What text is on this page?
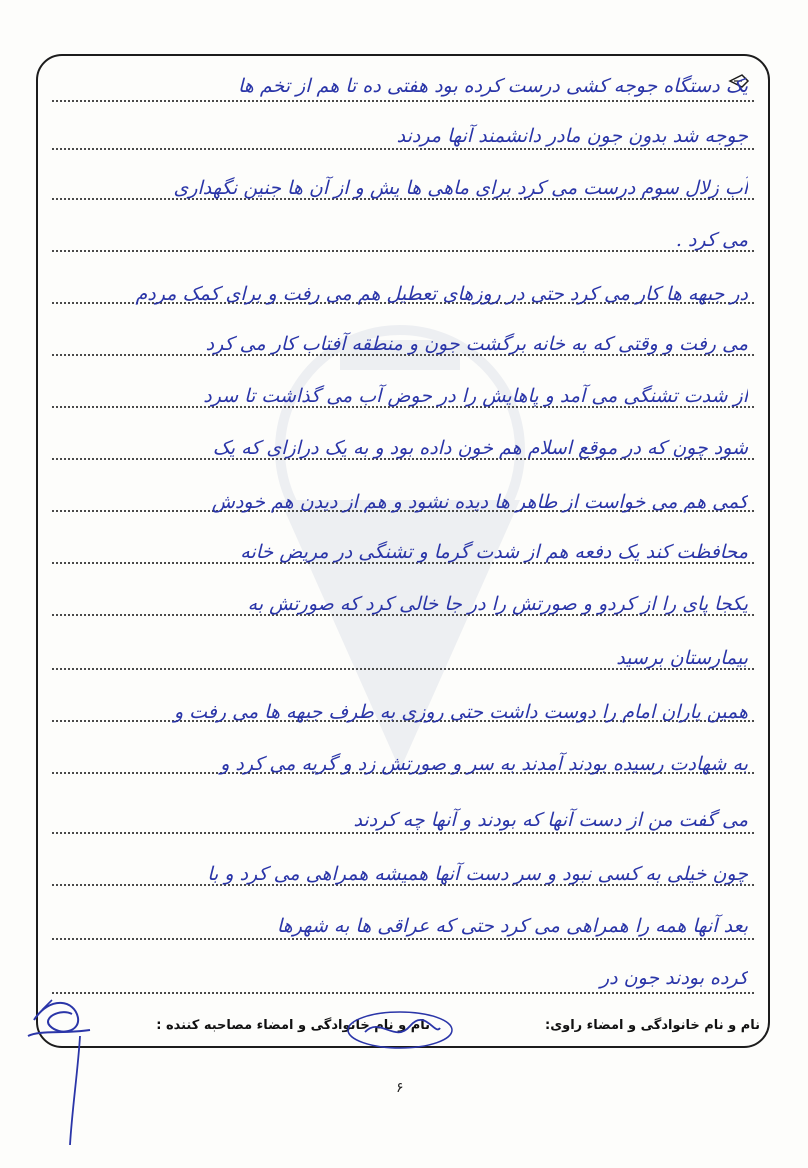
یک دستگاه جوجه کشی درست کرده بود هفتی ده تا هم از تخم ها
جوجه شد بدون جون مادر دانشمند آنها مردند
آب زلال سوم درست می کرد برای ماهی ها یش و از آن ها جنین نگهداری
می کرد .
در جبهه ها کار می کرد حتی در روزهای تعطیل هم می رفت و برای کمک مردم
می رفت و وقتی که به خانه برگشت جون و منطقه آفتاب کار می کرد
از شدت تشنگی می آمد و پاهایش را در حوض آب می گذاشت تا سرد
شود چون که در موقع اسلام هم خون داده بود و به یک درازای که یک
کمی هم می خواست از طاهر ها دیده نشود و هم از دیدن هم خودش
محافظت کند یک دفعه هم از شدت گرما و تشنگی در مریض خانه
یکجا پای را از کردو و صورتش را در جا خالی کرد که صورتش به
بیمارستان برسید
همین یاران امام را دوست داشت حتی روزی به طرف جبهه ها می رفت و
به شهادت رسیده بودند آمدند به سر و صورتش زد و گریه می کرد و
می گفت من از دست آنها که بودند و آنها چه کردند
چون خیلی به کسی نبود و سر دست آنها همیشه همراهی می کرد و با
بعد آنها همه را همراهی می کرد حتی که عراقی ها به شهرها
کرده بودند جون در
نام و نام خانوادگی و امضاء راوی:
نام و نام خانوادگی و امضاء مصاحبه کننده :
۶
